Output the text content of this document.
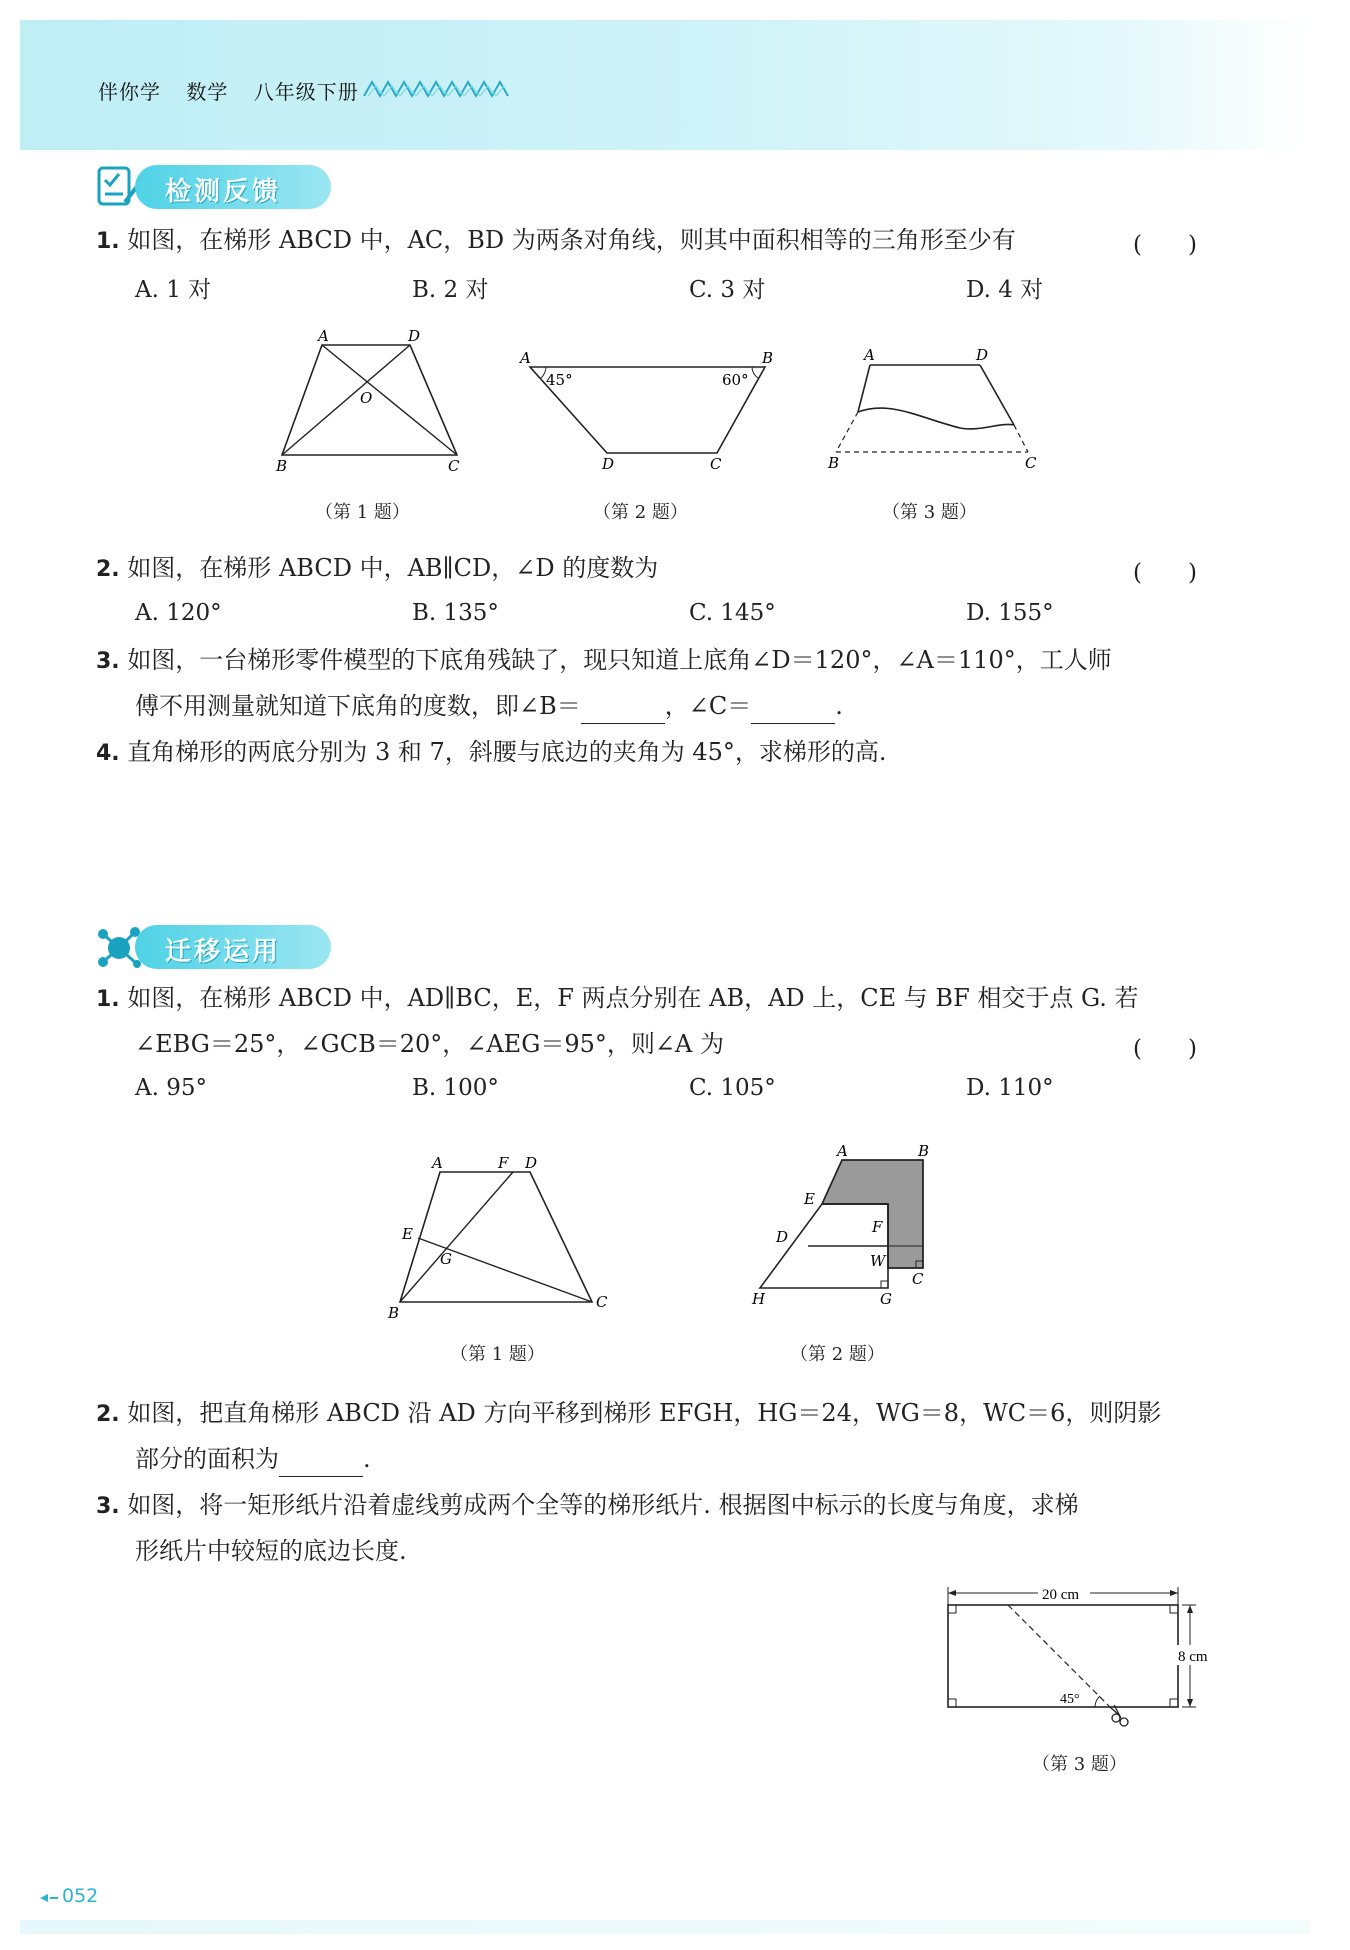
伴你学 数学 八年级下册
检测反馈
1. 如图，在梯形 ABCD 中，AC，BD 为两条对角线，则其中面积相等的三角形至少有	(　　)
A. 1 对	B. 2 对	C. 3 对	D. 4 对
A	D
O
B	C
A	B
45°	60°
D	C
A	D
B	C
（第 1 题）	（第 2 题）	（第 3 题）
2. 如图，在梯形 ABCD 中，AB∥CD，∠D 的度数为	(　　)
A. 120°	B. 135°	C. 145°	D. 155°
3. 如图，一台梯形零件模型的下底角残缺了，现只知道上底角∠D＝120°，∠A＝110°，工人师
傅不用测量就知道下底角的度数，即∠B＝	，∠C＝	.
4. 直角梯形的两底分别为 3 和 7，斜腰与底边的夹角为 45°，求梯形的高.
迁移运用
1. 如图，在梯形 ABCD 中，AD∥BC，E，F 两点分别在 AB，AD 上，CE 与 BF 相交于点 G. 若
∠EBG＝25°，∠GCB＝20°，∠AEG＝95°，则∠A 为	(　　)
A. 95°	B. 100°	C. 105°	D. 110°
A	F D
E
G
B
C
A	B
E
F
D
W
C
H	G
（第 1 题）	（第 2 题）
2. 如图，把直角梯形 ABCD 沿 AD 方向平移到梯形 EFGH，HG＝24，WG＝8，WC＝6，则阴影
部分的面积为	.
3. 如图，将一矩形纸片沿着虚线剪成两个全等的梯形纸片. 根据图中标示的长度与角度，求梯
形纸片中较短的底边长度.
20 cm
8 cm
45°
（第 3 题）
052
